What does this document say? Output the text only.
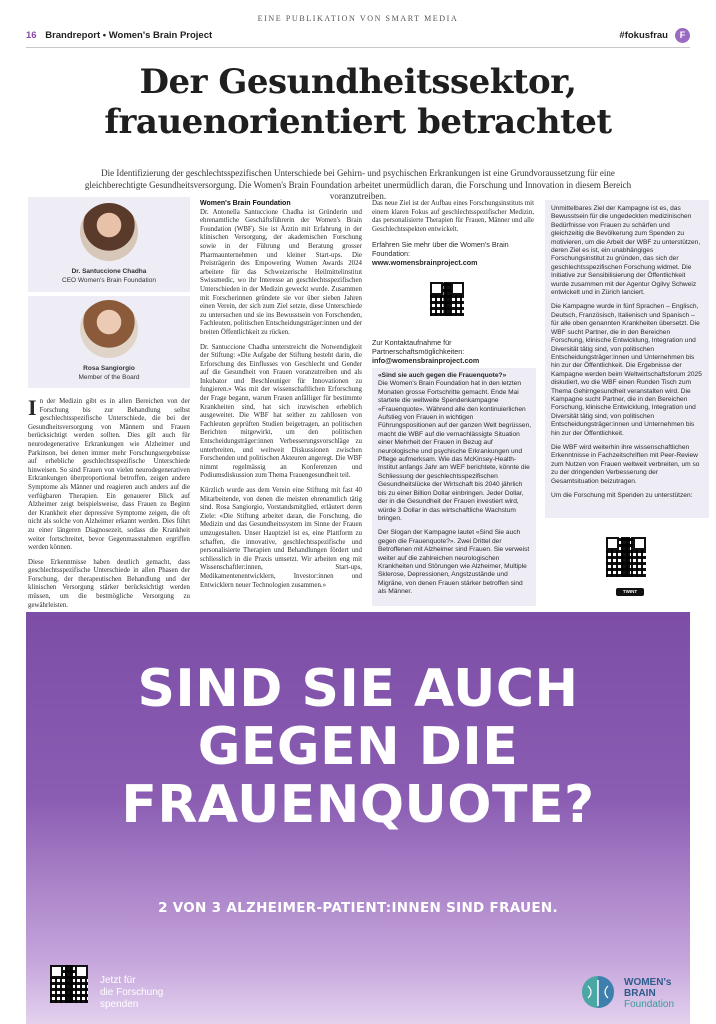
EINE PUBLIKATION VON SMART MEDIA
16 Brandreport • Women's Brain Project	#fokusfrau	F
Der Gesundheitssektor,
frauenorientiert betrachtet
Die Identifizierung der geschlechtsspezifischen Unterschiede bei Gehirn- und psychischen Erkrankungen ist eine Grundvoraussetzung für eine gleichberechtigte Gesundheitsversorgung. Die Women's Brain Foundation arbeitet unermüdlich daran, die Forschung und Innovation in diesem Bereich voranzutreiben.
Dr. Santuccione Chadha
CEO Women's Brain Foundation
Rosa Sangiorgio
Member of the Board

In der Medizin gibt es in allen Bereichen von der Forschung bis zur Behandlung selbst geschlechtsspezifische Unterschiede, die bei der Gesundheitsversorgung von Männern und Frauen berücksichtigt werden sollten. Dies gilt auch für neurodegenerative Erkrankungen wie Alzheimer und Parkinson, bei denen immer mehr Forschungsergebnisse auf erhebliche geschlechtsspezifische Unterschiede hinweisen. So sind Frauen von vielen neurodegenerativen Erkrankungen überproportional betroffen, zeigen andere Symptome als Männer und reagieren auch anders auf die verfügbaren Therapien. Ein genauerer Blick auf Alzheimer zeigt beispielsweise, dass Frauen zu Beginn der Krankheit eher depressive Symptome zeigen, die oft nicht als solche von Alzheimer erkannt werden. Dies führt zu einer längeren Diagnosezeit, sodass die Krankheit weiter fortschreitet, bevor Gegenmassnahmen ergriffen werden können.

Diese Erkenntnisse haben deutlich gemacht, dass geschlechtsspezifische Unterschiede in allen Phasen der Forschung, der therapeutischen Behandlung und der klinischen Versorgung stärker berücksichtigt werden müssen, um die bestmögliche Versorgung zu gewährleisten.

Women's Brain Foundation

Dr. Antonella Santuccione Chadha ist Gründerin und ehrenamtliche Geschäftsführerin der Women's Brain Foundation (WBF). Sie ist Ärztin mit Erfahrung in der klinischen Versorgung, der akademischen Forschung sowie in der Führung und Beratung grosser Pharmaunternehmen und kleiner Start-ups. Die Preisträgerin des Empowering Women Awards 2024 arbeitete für das Schweizerische Heilmittelinstitut Swissmedic, wo ihr Interesse an geschlechtsspezifischen Unterschieden in der Medizin geweckt wurde. Zusammen mit Forscherinnen gründete sie vor über sieben Jahren einen Verein, der sich zum Ziel setzte, diese Unterschiede zu untersuchen und sie ins Bewusstsein von Forschenden, Fachleuten, politischen Entscheidungsträger:innen und der breiten Öffentlichkeit zu rücken.

Dr. Santuccione Chadha unterstreicht die Notwendigkeit der Stiftung: «Die Aufgabe der Stiftung besteht darin, die Erforschung des Einflusses von Geschlecht und Gender auf die Gesundheit von Frauen voranzutreiben und als Inkubator und Beschleuniger für Innovationen zu fungieren.» Was mit der wissenschaftlichen Erforschung der Frage begann, warum Frauen anfälliger für bestimmte Krankheiten sind, hat sich inzwischen erheblich ausgeweitet. Die WBF hat seither zu zahllosen von Fachleuten geprüften Studien beigetragen, an politischen Berichten mitgewirkt, um den politischen Entscheidungsträger:innen Verbesserungsvorschläge zu unterbreiten, und weltweit Diskussionen zwischen Forschenden und politischen Akteuren angeregt. Die WBF nimmt regelmässig an Konferenzen und Podiumsdiskussion zum Thema Frauengesundheit teil.

Kürzlich wurde aus dem Verein eine Stiftung mit fast 40 Mitarbeitende, von denen die meisten ehrenamtlich tätig sind. Rosa Sangiorgio, Vorstandsmitglied, erläutert deren Ziele: «Die Stiftung arbeitet daran, die Forschung, die Medizin und das Gesundheitssystem im Sinne der Frauen umzugestalten. Unser Hauptziel ist es, eine Plattform zu schaffen, die innovative, geschlechtsspezifische und personalisierte Therapien und Behandlungen fördert und schliesslich in die Praxis umsetzt. Wir arbeiten eng mit Wissenschaftler:innen, Start-ups, Medikamentenentwicklern, Investor:innen und Entwicklern neuer Technologien zusammen.»

Das neue Ziel ist der Aufbau eines Forschungsinstituts mit einem klaren Fokus auf geschlechtsspezifischer Medizin, das personalisierte Therapien für Frauen, Männer und alle Geschlechtsspekten entwickelt.

Erfahren Sie mehr über die Women's Brain Foundation:
www.womensbrainproject.com
Zur Kontaktaufnahme für Partnerschaftsmöglichkeiten: info@womensbrainproject.com
«Sind sie auch gegen die Frauenquote?»

Die Women's Brain Foundation hat in den letzten Monaten grosse Fortschritte gemacht. Ende Mai startete die weltweite Spendenkampagne «Frauenquote». Während alle den kontinuierlichen Aufstieg von Frauen in wichtigen Führungspositionen auf der ganzen Welt begrüssen, macht die WBF auf die vernachlässigte Situation einer Mehrheit der Frauen in Bezug auf neurologische und psychische Erkrankungen und Pflege aufmerksam. Wie das McKinsey-Health-Institut anfangs Jahr am WEF berichtete, könnte die Schliessung der geschlechtsspezifischen Gesundheitslücke der Wirtschaft bis 2040 jährlich bis zu einer Billion Dollar einbringen. Jeder Dollar, der in die Gesundheit der Frauen investiert wird, würde 3 Dollar in das wirtschaftliche Wachstum bringen.

Der Slogan der Kampagne lautet «Sind Sie auch gegen die Frauenquote?». Zwei Drittel der Betroffenen mit Alzheimer sind Frauen. Sie verweist weiter auf die zahlreichen neurologischen Krankheiten und Störungen wie Alzheimer, Multiple Sklerose, Depressionen, Angstzustände und Migräne, von denen Frauen stärker betroffen sind als Männer.

Unmittelbares Ziel der Kampagne ist es, das Bewusstsein für die ungedeckten medizinischen Bedürfnisse von Frauen zu schärfen und gleichzeitig die Bevölkerung zum Spenden zu motivieren, um die Arbeit der WBF zu unterstützen, deren Ziel es ist, ein unabhängiges Forschungsinstitut zu gründen, das sich der geschlechtsspezifischen Forschung widmet. Die Initiative zur Sensibilisierung der Öffentlichkeit wurde zusammen mit der Agentur Ogilvy Schweiz entwickelt und in Zürich lanciert.

Die Kampagne wurde in fünf Sprachen – Englisch, Deutsch, Französisch, Italienisch und Spanisch – für alle oben genannten Krankheiten übersetzt. Die WBF sucht Partner, die in den Bereichen Forschung, klinische Entwicklung, Integration und Diversität tätig sind, von politischen Entscheidungsträger:innen und Unternehmen bis hin zur der Öffentlichkeit. Die Ergebnisse der Kampagne werden beim Weltwirtschaftsforum 2025 diskutiert, wo die WBF einen Runden Tisch zum Thema Gehirngesundheit veranstalten wird. Die Kampagne sucht Partner, die in den Bereichen Forschung, klinische Entwicklung, Integration und Diversität tätig sind, von politischen Entscheidungsträger:innen und Unternehmen bis hin zur der Öffentlichkeit.

Die WBF wird weiterhin ihre wissenschaftlichen Erkenntnisse in Fachzeitschriften mit Peer-Review zum Nutzen von Frauen weltweit verbreiten, um so zu der dringenden Verbesserung der Gesamtsituation beizutragen.

Um die Forschung mit Spenden zu unterstützen:

TWINT
SIND SIE AUCH
GEGEN DIE
FRAUENQUOTE?
2 VON 3 ALZHEIMER-PATIENT:INNEN SIND FRAUEN.
Jetzt für
die Forschung
spenden
WOMEN's
BRAIN
Foundation
